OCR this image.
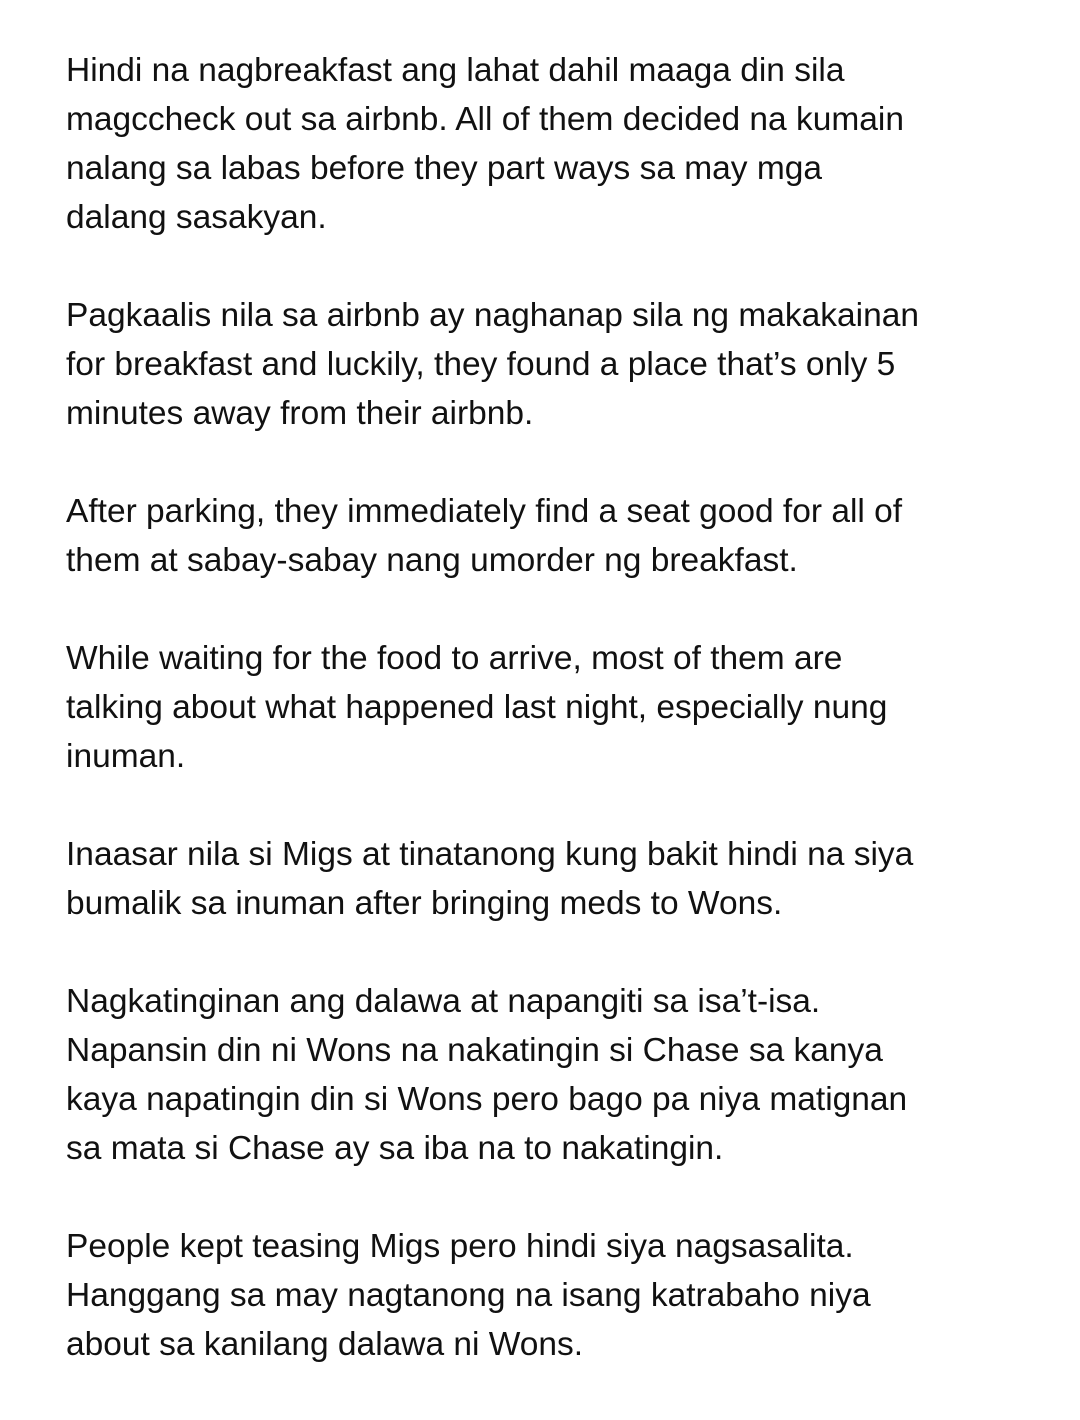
Hindi na nagbreakfast ang lahat dahil maaga din sila
magccheck out sa airbnb. All of them decided na kumain
nalang sa labas before they part ways sa may mga
dalang sasakyan.

Pagkaalis nila sa airbnb ay naghanap sila ng makakainan
for breakfast and luckily, they found a place that’s only 5
minutes away from their airbnb.

After parking, they immediately find a seat good for all of
them at sabay-sabay nang umorder ng breakfast.

While waiting for the food to arrive, most of them are
talking about what happened last night, especially nung
inuman.

Inaasar nila si Migs at tinatanong kung bakit hindi na siya
bumalik sa inuman after bringing meds to Wons.

Nagkatinginan ang dalawa at napangiti sa isa’t-isa.
Napansin din ni Wons na nakatingin si Chase sa kanya
kaya napatingin din si Wons pero bago pa niya matignan
sa mata si Chase ay sa iba na to nakatingin.

People kept teasing Migs pero hindi siya nagsasalita.
Hanggang sa may nagtanong na isang katrabaho niya
about sa kanilang dalawa ni Wons.
